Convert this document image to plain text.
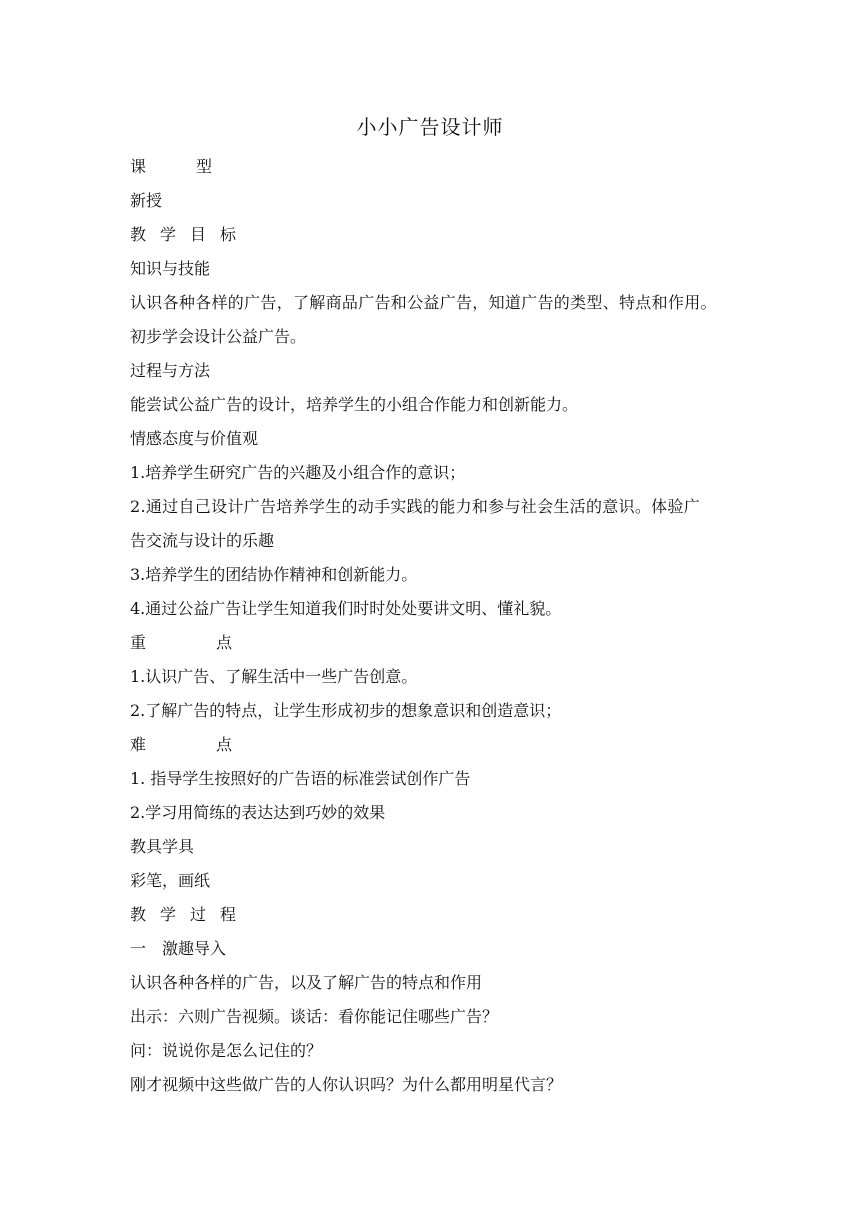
小小广告设计师
课型
新授
教学目标
知识与技能
认识各种各样的广告，了解商品广告和公益广告，知道广告的类型、特点和作用。
初步学会设计公益广告。
过程与方法
能尝试公益广告的设计，培养学生的小组合作能力和创新能力。
情感态度与价值观
1.培养学生研究广告的兴趣及小组合作的意识；
2.通过自己设计广告培养学生的动手实践的能力和参与社会生活的意识。体验广
告交流与设计的乐趣
3.培养学生的团结协作精神和创新能力。
4.通过公益广告让学生知道我们时时处处要讲文明、懂礼貌。
重点
1.认识广告、了解生活中一些广告创意。
2.了解广告的特点，让学生形成初步的想象意识和创造意识；
难点
1. 指导学生按照好的广告语的标准尝试创作广告
2.学习用简练的表达达到巧妙的效果
教具学具
彩笔，画纸
教学过程
一　激趣导入
认识各种各样的广告，以及了解广告的特点和作用
出示：六则广告视频。谈话：看你能记住哪些广告？
问：说说你是怎么记住的？
刚才视频中这些做广告的人你认识吗？为什么都用明星代言？
